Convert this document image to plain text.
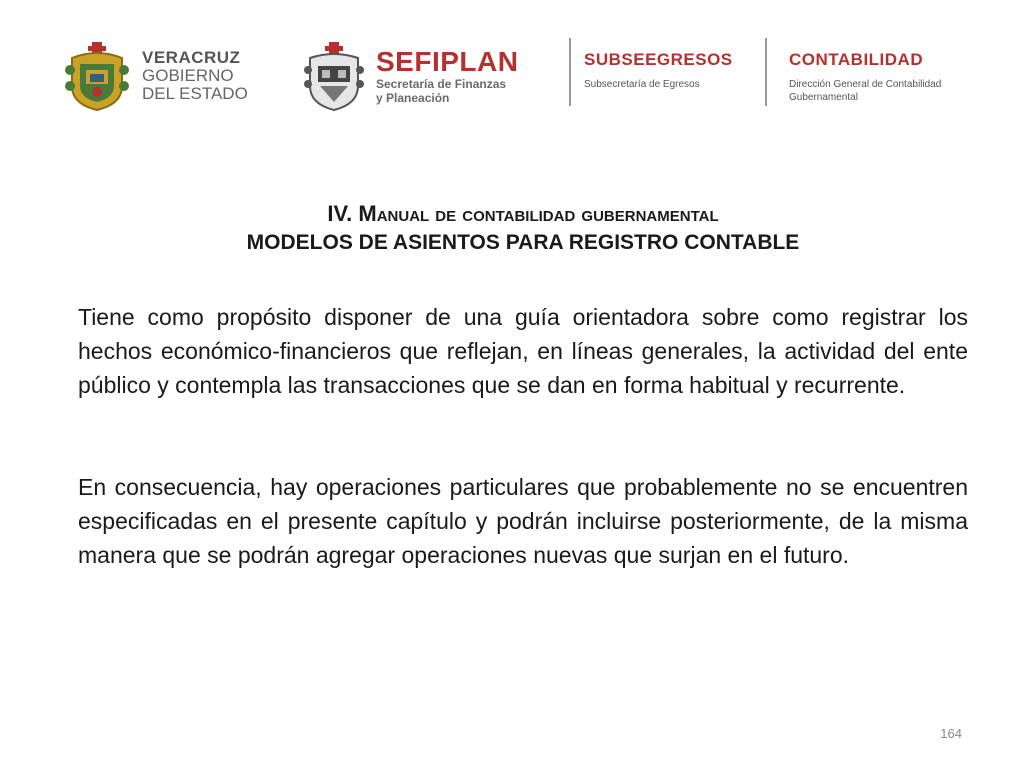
VERACRUZ
GOBIERNO
DEL ESTADO
SEFIPLAN
Secretaría de Finanzas
y Planeación
SUBSEEGRESOS
Subsecretaría de Egresos
CONTABILIDAD
Dirección General de Contabilidad
Gubernamental
IV. Manual de contabilidad gubernamental
MODELOS DE ASIENTOS PARA REGISTRO CONTABLE

Tiene como propósito disponer de una guía orientadora sobre como registrar los hechos económico-financieros que reflejan, en líneas generales, la actividad del ente público y contempla las transacciones que se dan en forma habitual y recurrente.

En consecuencia, hay operaciones particulares que probablemente no se encuentren especificadas en el presente capítulo y podrán incluirse posteriormente, de la misma manera que se podrán agregar operaciones nuevas que surjan en el futuro.

164
